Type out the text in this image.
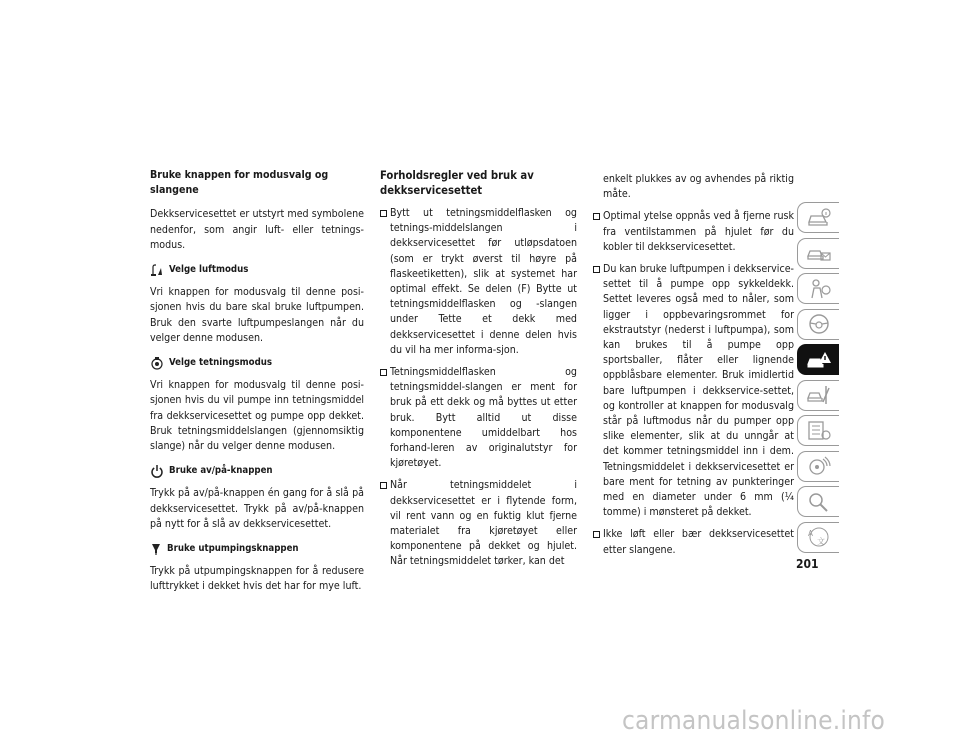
Bruke knappen for modusvalg og slangene

Dekkservicesettet er utstyrt med symbolene nedenfor, som angir luft- eller tetnings-modus.

Velge luftmodus

Vri knappen for modusvalg til denne posi-sjonen hvis du bare skal bruke luftpumpen. Bruk den svarte luftpumpeslangen når du velger denne modusen.

Velge tetningsmodus

Vri knappen for modusvalg til denne posi-sjonen hvis du vil pumpe inn tetningsmiddel fra dekkservicesettet og pumpe opp dekket. Bruk tetningsmiddelslangen (gjennomsiktig slange) når du velger denne modusen.

Bruke av/på-knappen

Trykk på av/på-knappen én gang for å slå på dekkservicesettet. Trykk på av/på-knappen på nytt for å slå av dekkservicesettet.

Bruke utpumpingsknappen

Trykk på utpumpingsknappen for å redusere lufttrykket i dekket hvis det har for mye luft.

Forholdsregler ved bruk av
dekkservicesettet
Bytt ut tetningsmiddelflasken og tetnings-middelslangen i dekkservicesettet før utløpsdatoen (som er trykt øverst til høyre på flaskeetiketten), slik at systemet har optimal effekt. Se delen (F) Bytte ut tetningsmiddelflasken og -slangen under Tette et dekk med dekkservicesettet i denne delen hvis du vil ha mer informa-sjon.
Tetningsmiddelflasken og tetningsmiddel-slangen er ment for bruk på ett dekk og må byttes ut etter bruk. Bytt alltid ut disse komponentene umiddelbart hos forhand-leren av originalutstyr for kjøretøyet.
Når tetningsmiddelet i dekkservicesettet er i flytende form, vil rent vann og en fuktig klut fjerne materialet fra kjøretøyet eller komponentene på dekket og hjulet. Når tetningsmiddelet tørker, kan det
enkelt plukkes av og avhendes på riktig måte.
Optimal ytelse oppnås ved å fjerne rusk fra ventilstammen på hjulet før du kobler til dekkservicesettet.
Du kan bruke luftpumpen i dekkservice-settet til å pumpe opp sykkeldekk. Settet leveres også med to nåler, som ligger i oppbevaringsrommet for ekstrautstyr (nederst i luftpumpa), som kan brukes til å pumpe opp sportsballer, flåter eller lignende oppblåsbare elementer. Bruk imidlertid bare luftpumpen i dekkservice-settet, og kontroller at knappen for modusvalg står på luftmodus når du pumper opp slike elementer, slik at du unngår at det kommer tetningsmiddel inn i dem. Tetningsmiddelet i dekkservicesettet er bare ment for tetning av punkteringer med en diameter under 6 mm (¼ tomme) i mønsteret på dekket.
Ikke løft eller bær dekkservicesettet etter slangene.
A
文
201
carmanualsonline.info
